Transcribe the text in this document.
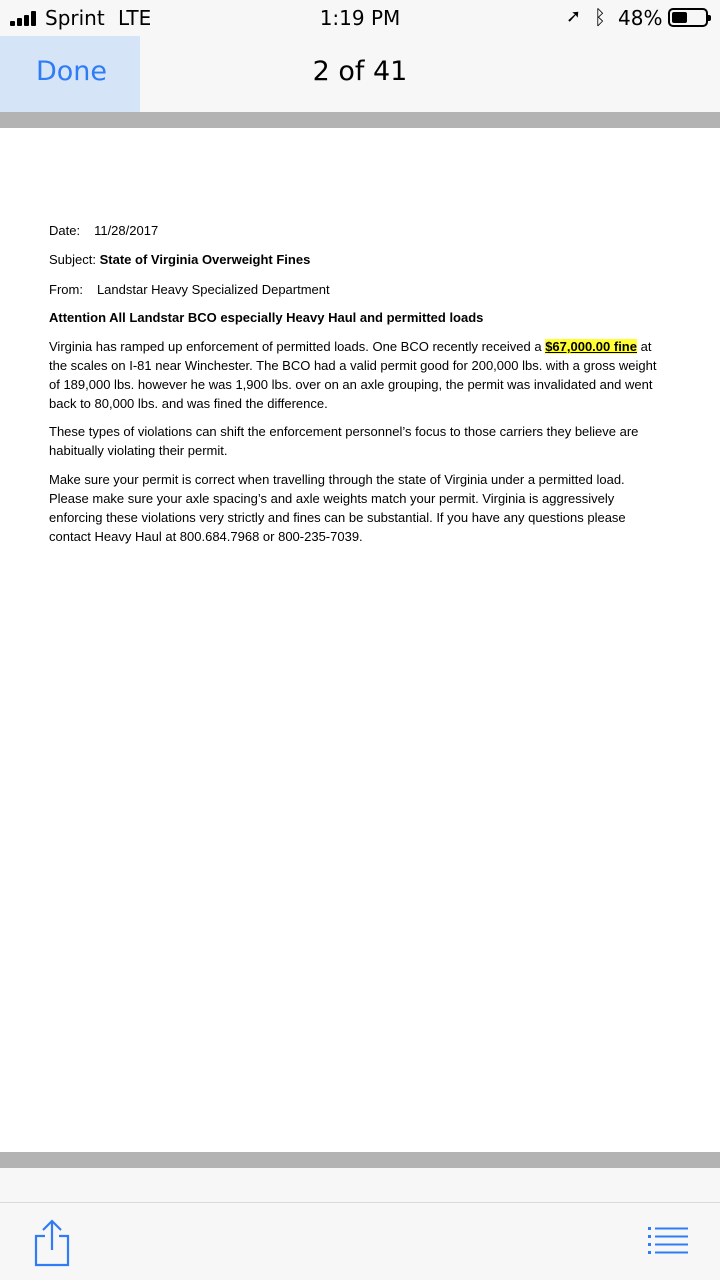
Sprint LTE	1:19 PM	➚ ᛒ 48%
Done	2 of 41
Date: 11/28/2017
Subject: State of Virginia Overweight Fines
From: Landstar Heavy Specialized Department
Attention All Landstar BCO especially Heavy Haul and permitted loads

Virginia has ramped up enforcement of permitted loads. One BCO recently received a $67,000.00 fine at the scales on I-81 near Winchester. The BCO had a valid permit good for 200,000 lbs. with a gross weight of 189,000 lbs. however he was 1,900 lbs. over on an axle grouping, the permit was invalidated and went back to 80,000 lbs. and was fined the difference.

These types of violations can shift the enforcement personnel’s focus to those carriers they believe are habitually violating their permit.

Make sure your permit is correct when travelling through the state of Virginia under a permitted load. Please make sure your axle spacing’s and axle weights match your permit. Virginia is aggressively enforcing these violations very strictly and fines can be substantial. If you have any questions please contact Heavy Haul at 800.684.7968 or 800-235-7039.
